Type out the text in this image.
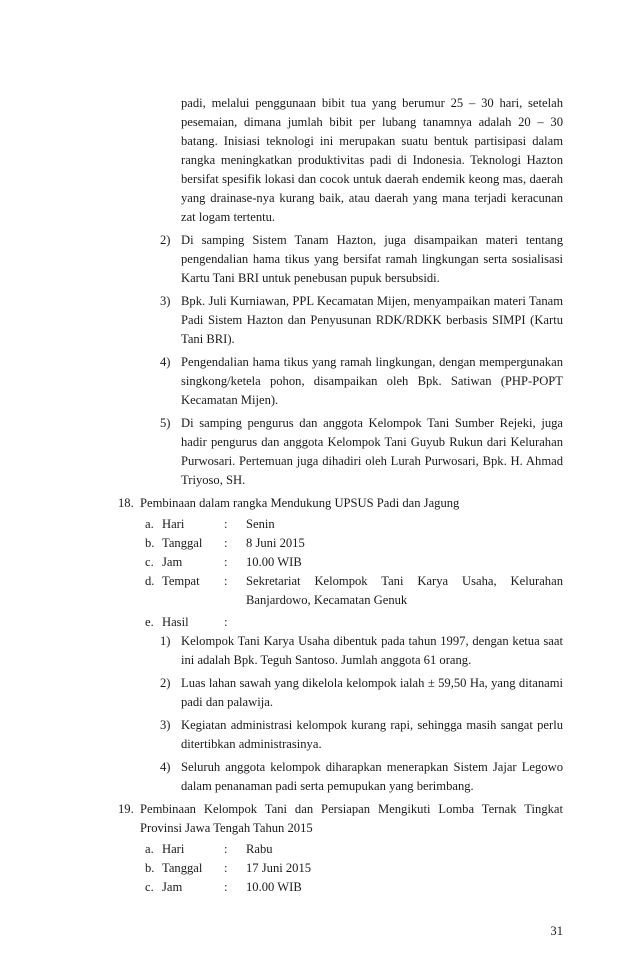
padi, melalui penggunaan bibit tua yang berumur 25 – 30 hari, setelah
pesemaian, dimana jumlah bibit per lubang tanamnya adalah 20 – 30
batang. Inisiasi teknologi ini merupakan suatu bentuk partisipasi dalam
rangka meningkatkan produktivitas padi di Indonesia. Teknologi Hazton
bersifat spesifik lokasi dan cocok untuk daerah endemik keong mas, daerah
yang drainase-nya kurang baik, atau daerah yang mana terjadi keracunan
zat logam tertentu.
2) Di samping Sistem Tanam Hazton, juga disampaikan materi tentang
pengendalian hama tikus yang bersifat ramah lingkungan serta sosialisasi
Kartu Tani BRI untuk penebusan pupuk bersubsidi.
3) Bpk. Juli Kurniawan, PPL Kecamatan Mijen, menyampaikan materi Tanam
Padi Sistem Hazton dan Penyusunan RDK/RDKK berbasis SIMPI (Kartu
Tani BRI).
4) Pengendalian hama tikus yang ramah lingkungan, dengan mempergunakan
singkong/ketela pohon, disampaikan oleh Bpk. Satiwan (PHP-POPT
Kecamatan Mijen).
5) Di samping pengurus dan anggota Kelompok Tani Sumber Rejeki, juga
hadir pengurus dan anggota Kelompok Tani Guyub Rukun dari Kelurahan
Purwosari. Pertemuan juga dihadiri oleh Lurah Purwosari, Bpk. H. Ahmad
Triyoso, SH.
18. Pembinaan dalam rangka Mendukung UPSUS Padi dan Jagung
a. Hari	: Senin
b. Tanggal : 8 Juni 2015
c. Jam	: 10.00 WIB
d. Tempat : Sekretariat Kelompok Tani Karya Usaha, Kelurahan
Banjardowo, Kecamatan Genuk
e. Hasil	:
1) Kelompok Tani Karya Usaha dibentuk pada tahun 1997, dengan ketua saat
ini adalah Bpk. Teguh Santoso. Jumlah anggota 61 orang.
2) Luas lahan sawah yang dikelola kelompok ialah ± 59,50 Ha, yang ditanami
padi dan palawija.
3) Kegiatan administrasi kelompok kurang rapi, sehingga masih sangat perlu
ditertibkan administrasinya.
4) Seluruh anggota kelompok diharapkan menerapkan Sistem Jajar Legowo
dalam penanaman padi serta pemupukan yang berimbang.
19. Pembinaan Kelompok Tani dan Persiapan Mengikuti Lomba Ternak Tingkat
Provinsi Jawa Tengah Tahun 2015
a. Hari	: Rabu
b. Tanggal : 17 Juni 2015
c. Jam	: 10.00 WIB
31
